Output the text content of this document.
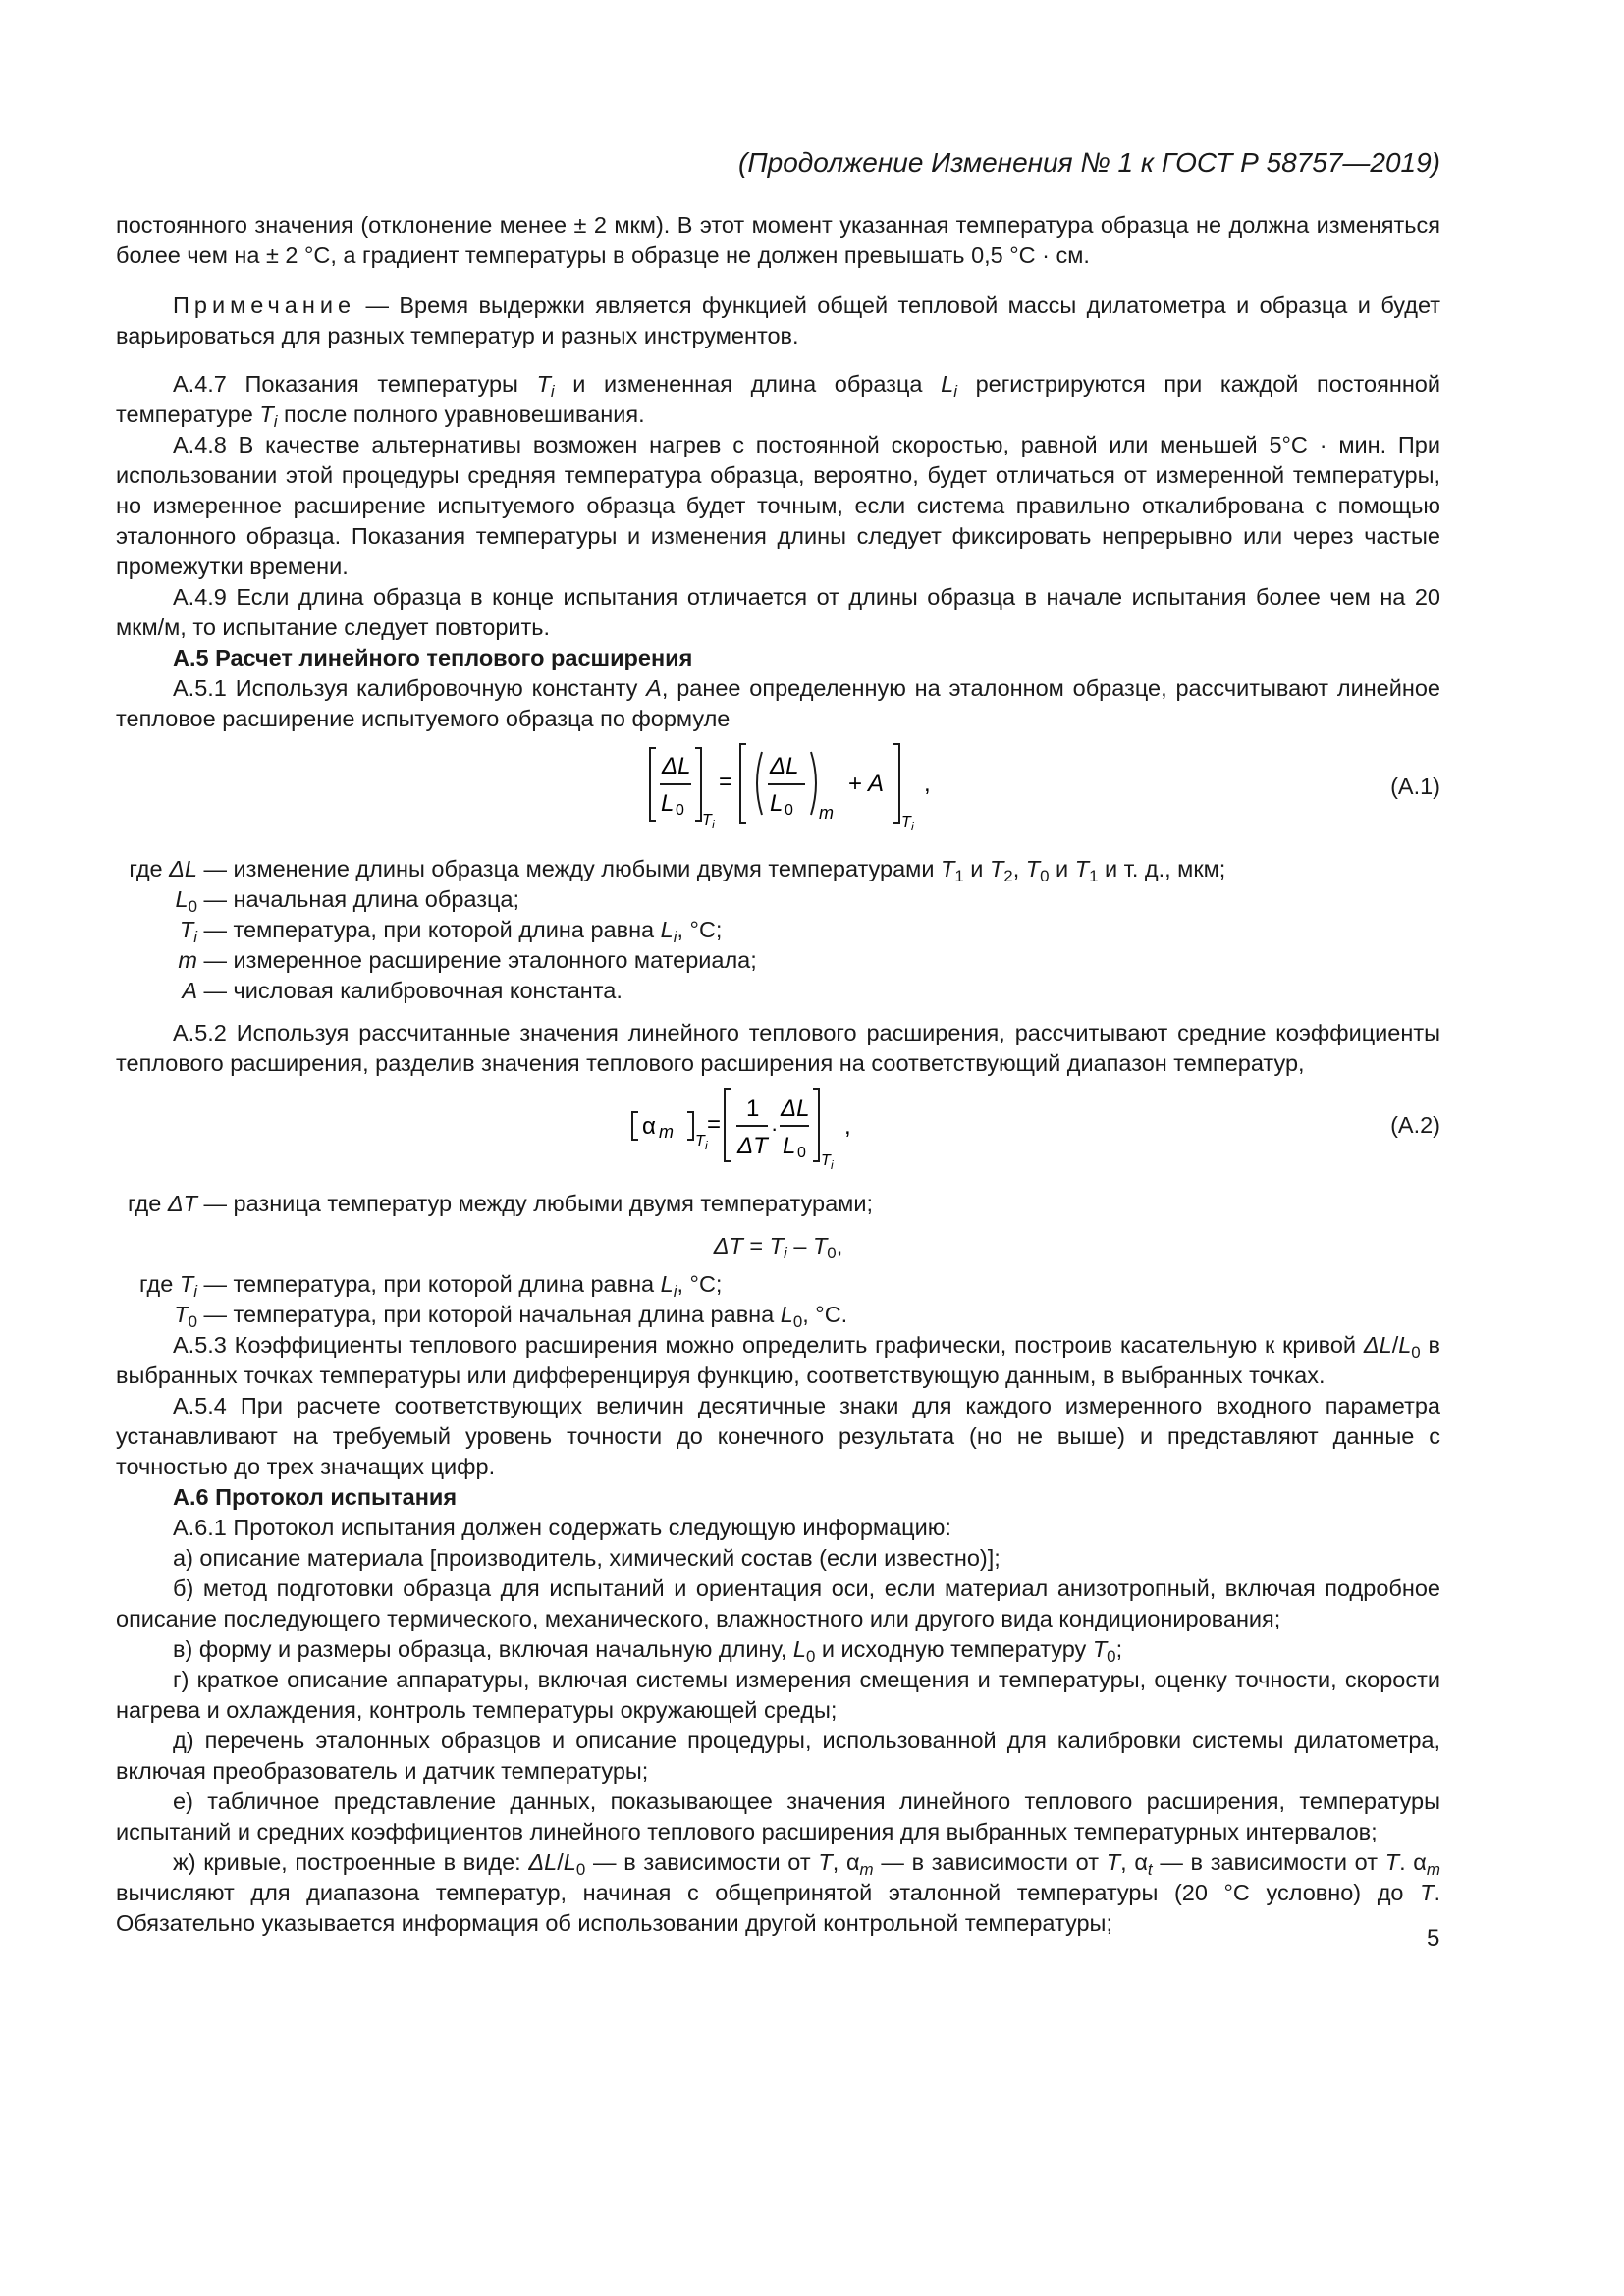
(Продолжение Изменения № 1 к ГОСТ Р 58757—2019)

постоянного значения (отклонение менее ± 2 мкм). В этот момент указанная температура образца не должна изменяться более чем на ± 2 °С, а градиент температуры в образце не должен превышать 0,5 °С · см.

Примечание — Время выдержки является функцией общей тепловой массы дилатометра и образца и будет варьироваться для разных температур и разных инструментов.

А.4.7 Показания температуры $T_i$ и измененная длина образца $L_i$ регистрируются при каждой постоянной температуре $T_i$ после полного уравновешивания.

А.4.8 В качестве альтернативы возможен нагрев с постоянной скоростью, равной или меньшей 5°С · мин. При использовании этой процедуры средняя температура образца, вероятно, будет отличаться от измеренной температуры, но измеренное расширение испытуемого образца будет точным, если система правильно откалибрована с помощью эталонного образца. Показания температуры и изменения длины следует фиксировать непрерывно или через частые промежутки времени.

А.4.9 Если длина образца в конце испытания отличается от длины образца в начале испытания более чем на 20 мкм/м, то испытание следует повторить.

А.5 Расчет линейного теплового расширения

А.5.1 Используя калибровочную константу A, ранее определенную на эталонном образце, рассчитывают линейное тепловое расширение испытуемого образца по формуле

ΔL
L 0
T i
=
ΔL
L 0 m
+ A
T i
,	(А.1)
где ΔL — изменение длины образца между любыми двумя температурами $T_1$ и $T_2$, $T_0$ и $T_1$ и т. д., мкм;
$L_0$ — начальная длина образца;
$T_i$ — температура, при которой длина равна $L_i$, °С;
m — измеренное расширение эталонного материала;
A — числовая калибровочная константа.

А.5.2 Используя рассчитанные значения линейного теплового расширения, рассчитывают средние коэффициенты теплового расширения, разделив значения теплового расширения на соответствующий диапазон температур,

α m T i
=
1
ΔT
·
ΔL
L 0 T i
,	(А.2)
где ΔT — разница температур между любыми двумя температурами;

$\Delta T = T_i - T_0$,

где $T_i$ — температура, при которой длина равна $L_i$, °С;
$T_0$ — температура, при которой начальная длина равна $L_0$, °С.

А.5.3 Коэффициенты теплового расширения можно определить графически, построив касательную к кривой $\Delta L/L_0$ в выбранных точках температуры или дифференцируя функцию, соответствующую данным, в выбранных точках.

А.5.4 При расчете соответствующих величин десятичные знаки для каждого измеренного входного параметра устанавливают на требуемый уровень точности до конечного результата (но не выше) и представляют данные с точностью до трех значащих цифр.

А.6 Протокол испытания

А.6.1 Протокол испытания должен содержать следующую информацию:

а) описание материала [производитель, химический состав (если известно)];

б) метод подготовки образца для испытаний и ориентация оси, если материал анизотропный, включая подробное описание последующего термического, механического, влажностного или другого вида кондиционирования;

в) форму и размеры образца, включая начальную длину, $L_0$ и исходную температуру $T_0$;

г) краткое описание аппаратуры, включая системы измерения смещения и температуры, оценку точности, скорости нагрева и охлаждения, контроль температуры окружающей среды;

д) перечень эталонных образцов и описание процедуры, использованной для калибровки системы дилатометра, включая преобразователь и датчик температуры;

е) табличное представление данных, показывающее значения линейного теплового расширения, температуры испытаний и средних коэффициентов линейного теплового расширения для выбранных температурных интервалов;

ж) кривые, построенные в виде: $\Delta L/L_0$ — в зависимости от T, $\alpha_m$ — в зависимости от T, $\alpha_t$ — в зависимости от T. $\alpha_m$ вычисляют для диапазона температур, начиная с общепринятой эталонной температуры (20 °С условно) до T. Обязательно указывается информация об использовании другой контрольной температуры;

5
